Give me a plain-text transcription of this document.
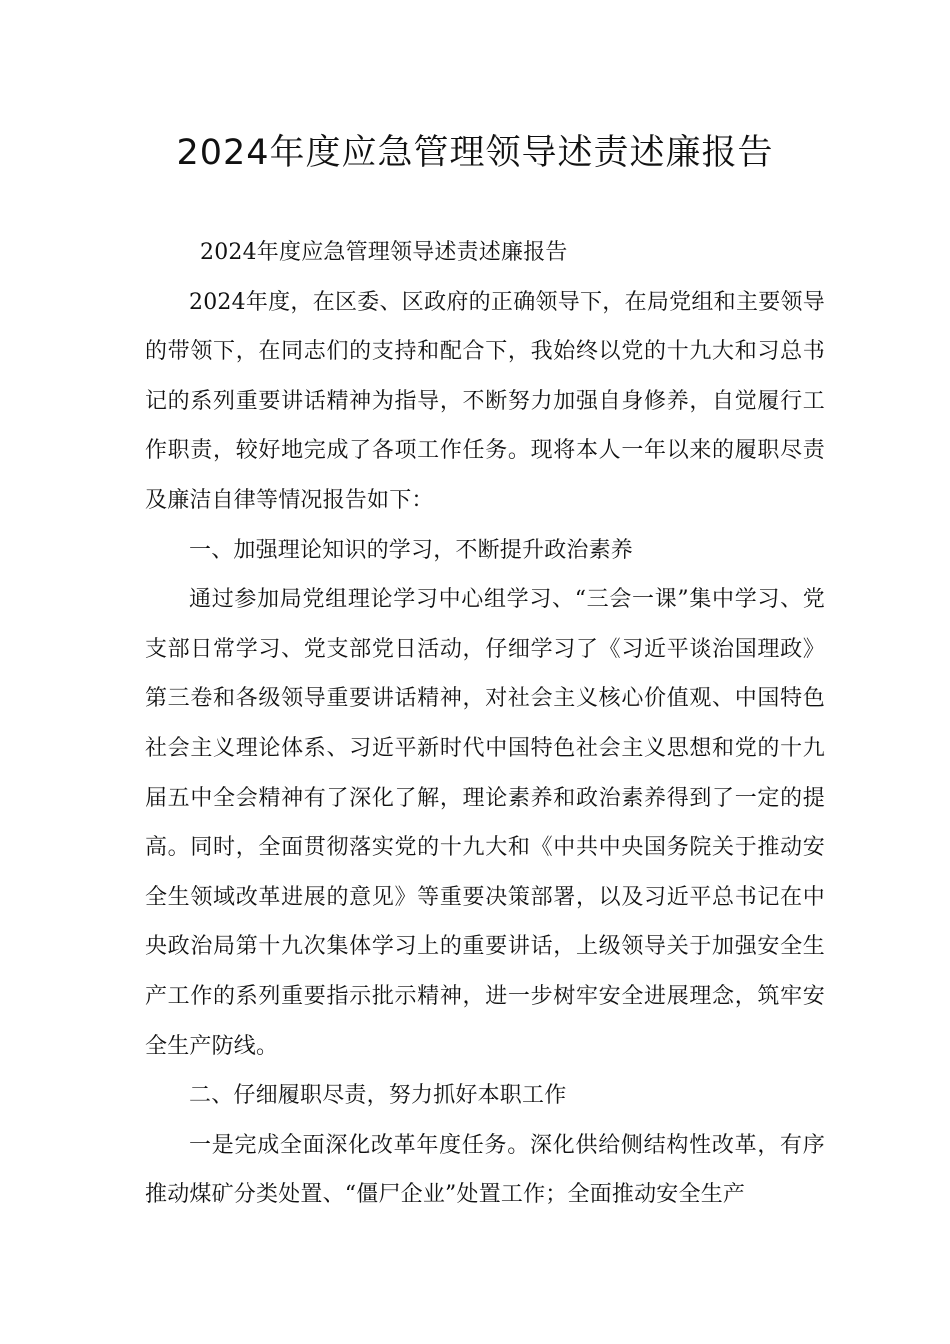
2024年度应急管理领导述责述廉报告

2024年度应急管理领导述责述廉报告

2024年度，在区委、区政府的正确领导下，在局党组和主要领导的带领下，在同志们的支持和配合下，我始终以党的十九大和习总书记的系列重要讲话精神为指导，不断努力加强自身修养，自觉履行工作职责，较好地完成了各项工作任务。现将本人一年以来的履职尽责及廉洁自律等情况报告如下：

一、加强理论知识的学习，不断提升政治素养

通过参加局党组理论学习中心组学习、“三会一课”集中学习、党支部日常学习、党支部党日活动，仔细学习了《习近平谈治国理政》第三卷和各级领导重要讲话精神，对社会主义核心价值观、中国特色社会主义理论体系、习近平新时代中国特色社会主义思想和党的十九届五中全会精神有了深化了解，理论素养和政治素养得到了一定的提高。同时，全面贯彻落实党的十九大和《中共中央国务院关于推动安全生领域改革进展的意见》等重要决策部署，以及习近平总书记在中央政治局第十九次集体学习上的重要讲话，上级领导关于加强安全生产工作的系列重要指示批示精神，进一步树牢安全进展理念，筑牢安全生产防线。

二、仔细履职尽责，努力抓好本职工作

一是完成全面深化改革年度任务。深化供给侧结构性改革，有序推动煤矿分类处置、“僵尸企业”处置工作；全面推动安全生产
